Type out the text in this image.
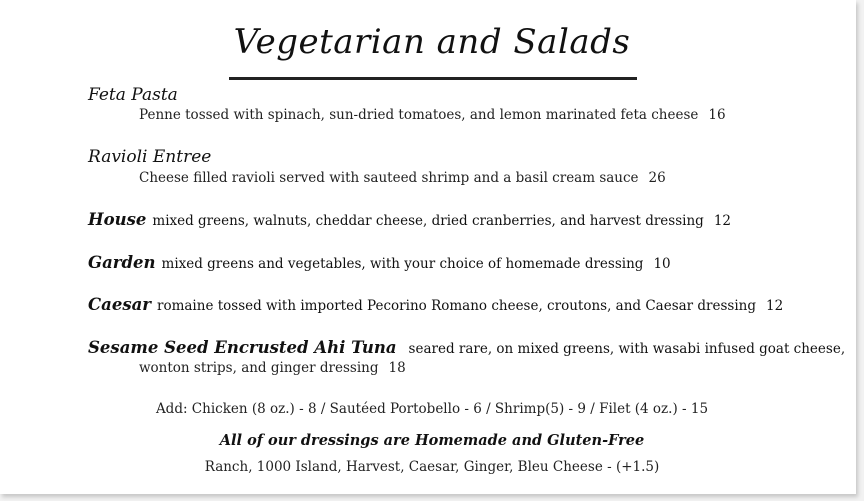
Vegetarian and Salads
Feta Pasta
Penne tossed with spinach, sun-dried tomatoes, and lemon marinated feta cheese 16
Ravioli Entree
Cheese filled ravioli served with sauteed shrimp and a basil cream sauce 26
House mixed greens, walnuts, cheddar cheese, dried cranberries, and harvest dressing 12
Garden mixed greens and vegetables, with your choice of homemade dressing 10
Caesar romaine tossed with imported Pecorino Romano cheese, croutons, and Caesar dressing 12
Sesame Seed Encrusted Ahi Tuna seared rare, on mixed greens, with wasabi infused goat cheese,
wonton strips, and ginger dressing 18
Add: Chicken (8 oz.) - 8 / Sautéed Portobello - 6 / Shrimp(5) - 9 / Filet (4 oz.) - 15
All of our dressings are Homemade and Gluten-Free
Ranch, 1000 Island, Harvest, Caesar, Ginger, Bleu Cheese - (+1.5)
